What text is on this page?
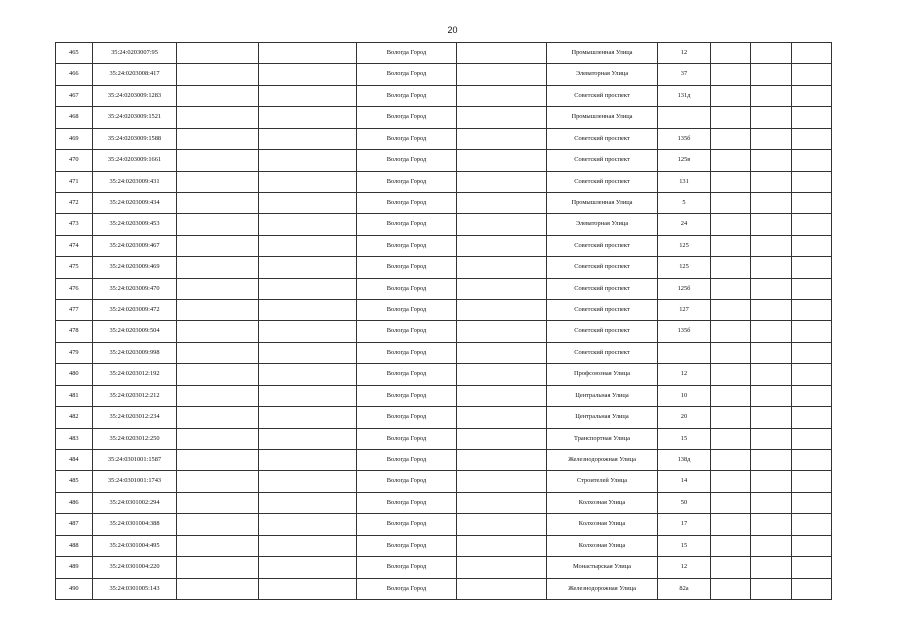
20
465	35:24:0203007:95			Вологда Город		Промышленная Улица	12			
466	35:24:0203008:417			Вологда Город		Элеваторная Улица	37			
467	35:24:0203009:1283			Вологда Город		Советский проспект	131д			
468	35:24:0203009:1521			Вологда Город		Промышленная Улица				
469	35:24:0203009:1588			Вологда Город		Советский проспект	135б			
470	35:24:0203009:1661			Вологда Город		Советский проспект	125в			
471	35:24:0203009:431			Вологда Город		Советский проспект	131			
472	35:24:0203009:434			Вологда Город		Промышленная Улица	5			
473	35:24:0203009:453			Вологда Город		Элеваторная Улица	24			
474	35:24:0203009:467			Вологда Город		Советский проспект	125			
475	35:24:0203009:469			Вологда Город		Советский проспект	125			
476	35:24:0203009:470			Вологда Город		Советский проспект	125б			
477	35:24:0203009:472			Вологда Город		Советский проспект	127			
478	35:24:0203009:504			Вологда Город		Советский проспект	135б			
479	35:24:0203009:998			Вологда Город		Советский проспект				
480	35:24:0203012:192			Вологда Город		Профсоюзная Улица	12			
481	35:24:0203012:212			Вологда Город		Центральная Улица	10			
482	35:24:0203012:234			Вологда Город		Центральная Улица	20			
483	35:24:0203012:250			Вологда Город		Транспортная Улица	15			
484	35:24:0301001:1587			Вологда Город		Железнодорожная Улица	138д			
485	35:24:0301001:1743			Вологда Город		Строителей Улица	14			
486	35:24:0301002:294			Вологда Город		Колхозная Улица	50			
487	35:24:0301004:388			Вологда Город		Колхозная Улица	17			
488	35:24:0301004:495			Вологда Город		Колхозная Улица	15			
489	35:24:0301004:220			Вологда Город		Монастырская Улица	12			
490	35:24:0301005:143			Вологда Город		Железнодорожная Улица	82а			
